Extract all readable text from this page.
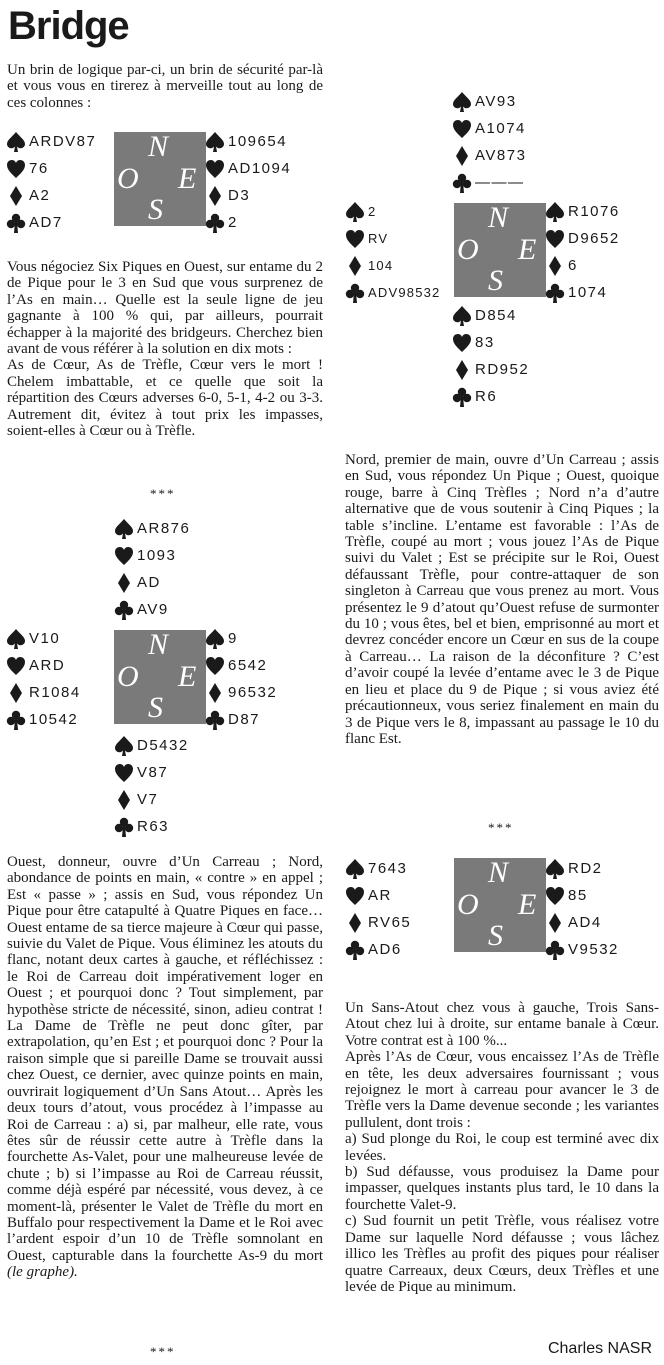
Bridge

Un brin de logique par-ci, un brin de sécurité par-là et vous vous en tirerez à merveille tout au long de ces colonnes :

ARDV87
76
A2
AD7
N
O E
S
109654
AD1094
D3
2

Vous négociez Six Piques en Ouest, sur entame du 2 de Pique pour le 3 en Sud que vous surprenez de l’As en main… Quelle est la seule ligne de jeu gagnante à 100 % qui, par ailleurs, pourrait échapper à la majorité des bridgeurs. Cherchez bien avant de vous référer à la solution en dix mots :

As de Cœur, As de Trèfle, Cœur vers le mort ! Chelem imbattable, et ce quelle que soit la répartition des Cœurs adverses 6-0, 5-1, 4-2 ou 3-3. Autrement dit, évitez à tout prix les impasses, soient-elles à Cœur ou à Trèfle.

***
AR876
1093
AD
AV9
V10
ARD
R1084
10542
N
O E
S
9
6542
96532
D87
D5432
V87
V7
R63

Ouest, donneur, ouvre d’Un Carreau ; Nord, abondance de points en main, « contre » en appel ; Est « passe » ; assis en Sud, vous répondez Un Pique pour être catapulté à Quatre Piques en face… Ouest entame de sa tierce majeure à Cœur qui passe, suivie du Valet de Pique. Vous éliminez les atouts du flanc, notant deux cartes à gauche, et réfléchissez : le Roi de Carreau doit impérativement loger en Ouest ; et pourquoi donc ? Tout simplement, par hypothèse stricte de nécessité, sinon, adieu contrat ! La Dame de Trèfle ne peut donc gîter, par extrapolation, qu’en Est ; et pourquoi donc ? Pour la raison simple que si pareille Dame se trouvait aussi chez Ouest, ce dernier, avec quinze points en main, ouvrirait logiquement d’Un Sans Atout… Après les deux tours d’atout, vous procédez à l’impasse au Roi de Carreau : a) si, par malheur, elle rate, vous êtes sûr de réussir cette autre à Trèfle dans la fourchette As-Valet, pour une malheureuse levée de chute ; b) si l’impasse au Roi de Carreau réussit, comme déjà espéré par nécessité, vous devez, à ce moment-là, présenter le Valet de Trèfle du mort en Buffalo pour respectivement la Dame et le Roi avec l’ardent espoir d’un 10 de Trèfle somnolant en Ouest, capturable dans la fourchette As-9 du mort (le graphe).

***
AV93
A1074
AV873
———
2
RV
104
ADV98532
N
O E
S
R1076
D9652
6
1074
D854
83
RD952
R6

Nord, premier de main, ouvre d’Un Carreau ; assis en Sud, vous répondez Un Pique ; Ouest, quoique rouge, barre à Cinq Trèfles ; Nord n’a d’autre alternative que de vous soutenir à Cinq Piques ; la table s’incline. L’entame est favorable : l’As de Trèfle, coupé au mort ; vous jouez l’As de Pique suivi du Valet ; Est se précipite sur le Roi, Ouest défaussant Trèfle, pour contre-attaquer de son singleton à Carreau que vous prenez au mort. Vous présentez le 9 d’atout qu’Ouest refuse de surmonter du 10 ; vous êtes, bel et bien, emprisonné au mort et devrez concéder encore un Cœur en sus de la coupe à Carreau… La raison de la déconfiture ? C’est d’avoir coupé la levée d’entame avec le 3 de Pique en lieu et place du 9 de Pique ; si vous aviez été précautionneux, vous seriez finalement en main du 3 de Pique vers le 8, impassant au passage le 10 du flanc Est.

***
7643
AR
RV65
AD6
N
O E
S
RD2
85
AD4
V9532

Un Sans-Atout chez vous à gauche, Trois Sans-Atout chez lui à droite, sur entame banale à Cœur. Votre contrat est à 100 %...

Après l’As de Cœur, vous encaissez l’As de Trèfle en tête, les deux adversaires fournissant ; vous rejoignez le mort à carreau pour avancer le 3 de Trèfle vers la Dame devenue seconde ; les variantes pullulent, dont trois :

a) Sud plonge du Roi, le coup est terminé avec dix levées.

b) Sud défausse, vous produisez la Dame pour impasser, quelques instants plus tard, le 10 dans la fourchette Valet-9.

c) Sud fournit un petit Trèfle, vous réalisez votre Dame sur laquelle Nord défausse ; vous lâchez illico les Trèfles au profit des piques pour réaliser quatre Carreaux, deux Cœurs, deux Trèfles et une levée de Pique au minimum.

Charles NASR
